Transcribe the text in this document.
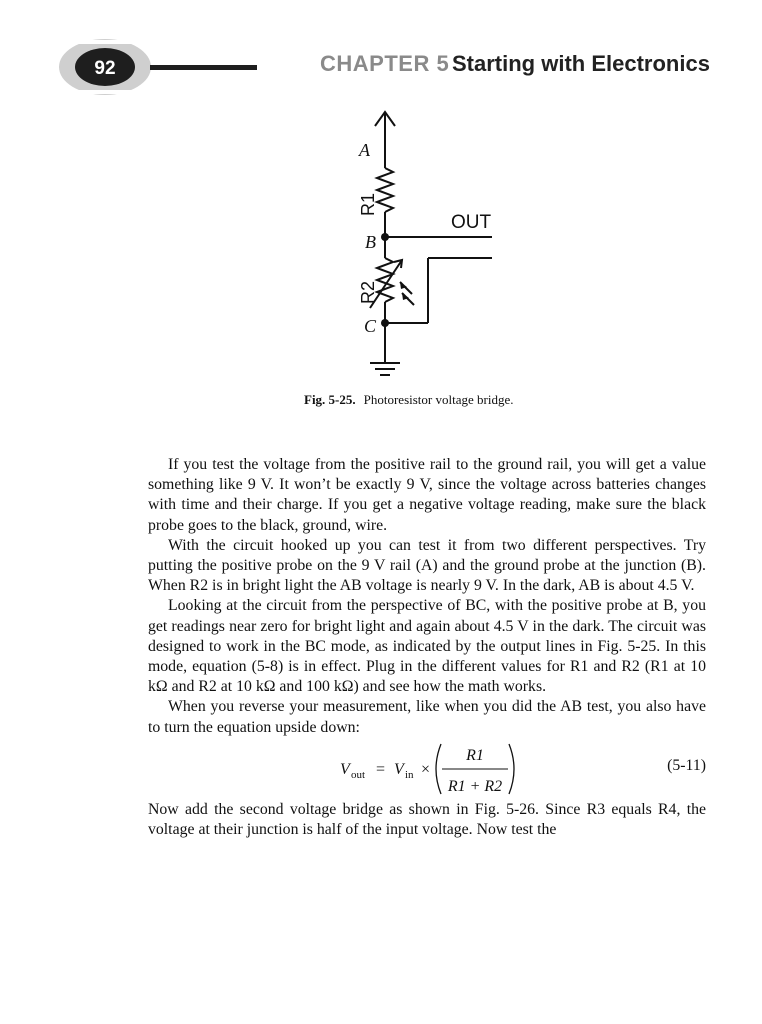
92	CHAPTER 5 Starting with Electronics
A
B
C
R1
R2
OUT
Fig. 5-25. Photoresistor voltage bridge.

If you test the voltage from the positive rail to the ground rail, you will get a value something like 9 V. It won’t be exactly 9 V, since the voltage across batteries changes with time and their charge. If you get a negative voltage reading, make sure the black probe goes to the black, ground, wire.

With the circuit hooked up you can test it from two different perspectives. Try putting the positive probe on the 9 V rail (A) and the ground probe at the junction (B). When R2 is in bright light the AB voltage is nearly 9 V. In the dark, AB is about 4.5 V.

Looking at the circuit from the perspective of BC, with the positive probe at B, you get readings near zero for bright light and again about 4.5 V in the dark. The circuit was designed to work in the BC mode, as indicated by the output lines in Fig. 5-25. In this mode, equation (5-8) is in effect. Plug in the different values for R1 and R2 (R1 at 10 kΩ and R2 at 10 kΩ and 100 kΩ) and see how the math works.

When you reverse your measurement, like when you did the AB test, you also have to turn the equation upside down:

V out = V in ×
R1
R1 + R2
(5-11)

Now add the second voltage bridge as shown in Fig. 5-26. Since R3 equals R4, the voltage at their junction is half of the input voltage. Now test the
